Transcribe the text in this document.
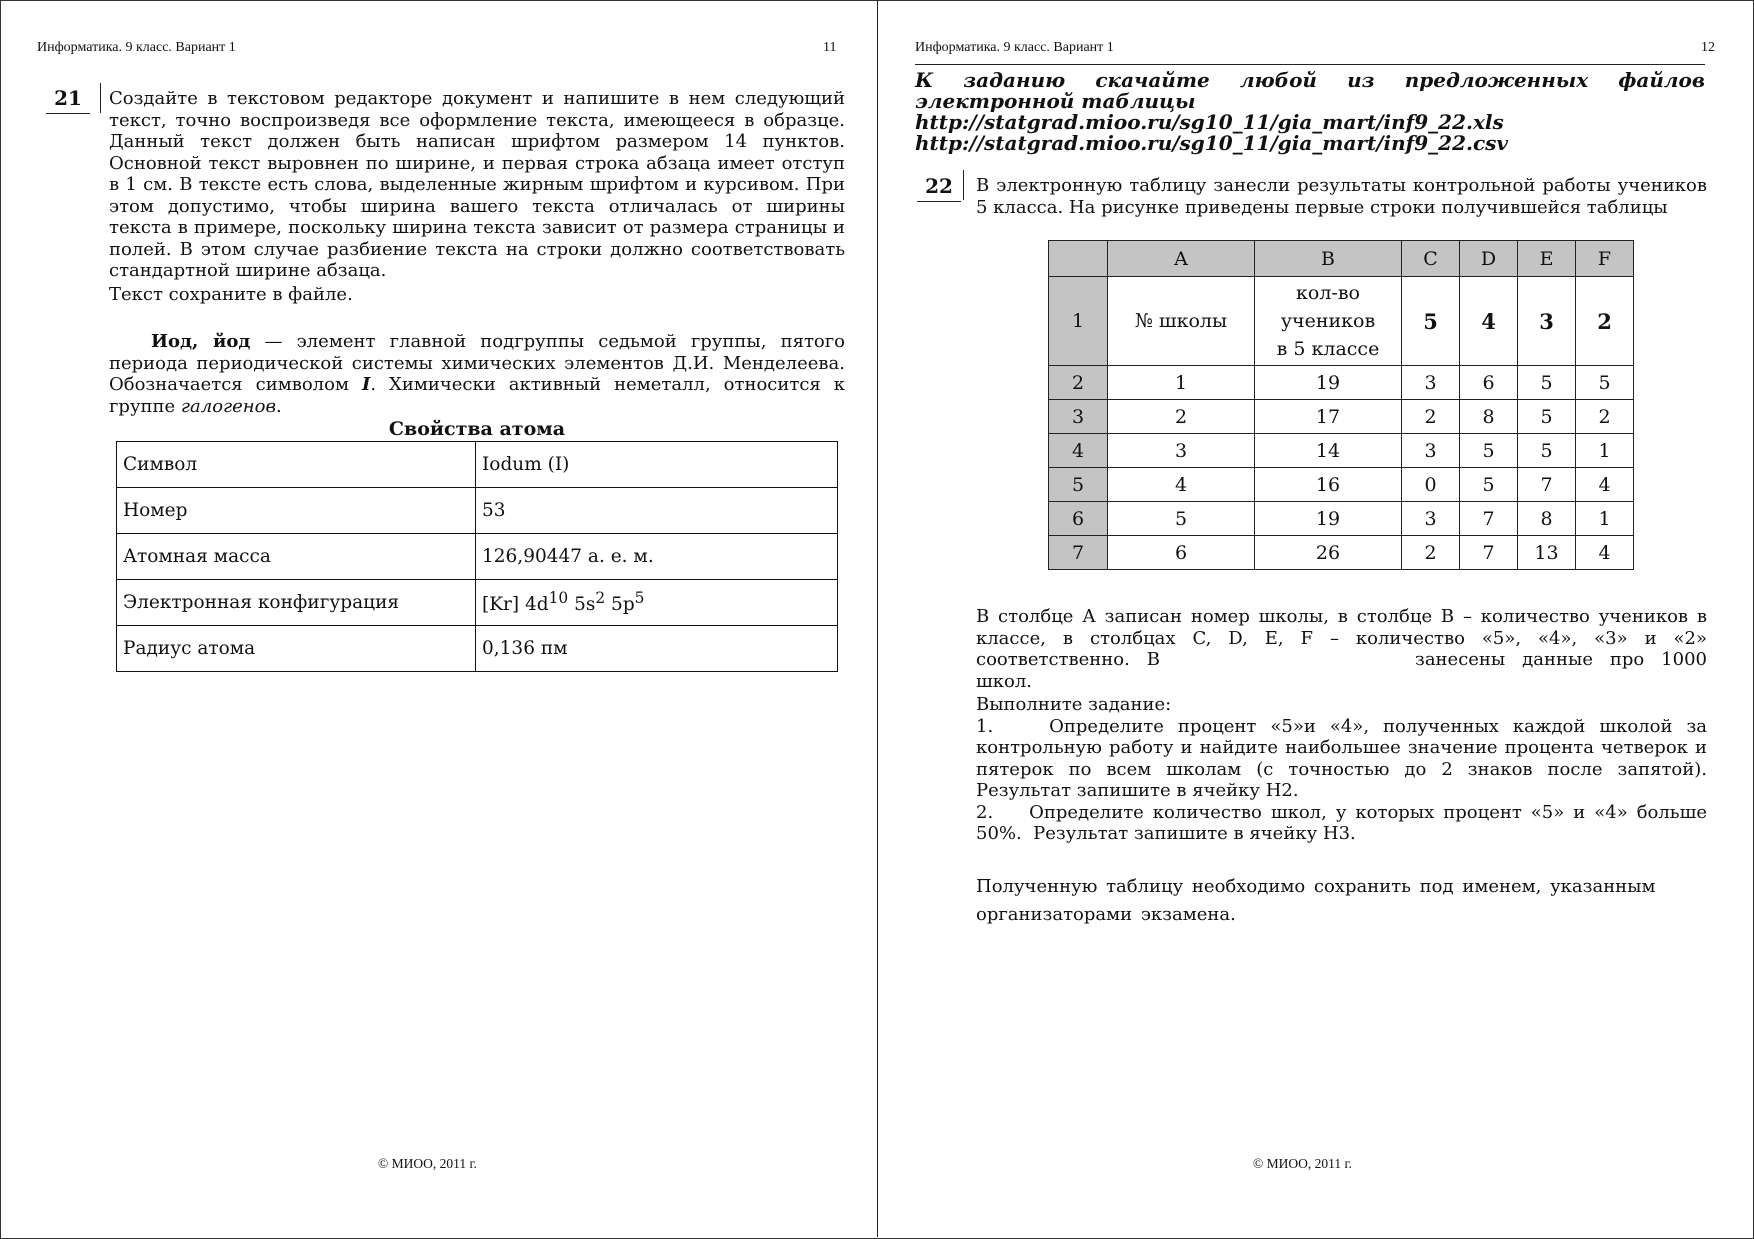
Информатика. 9 класс. Вариант 1	11
21 Создайте в текстовом редакторе документ и напишите в нем следующий текст, точно воспроизведя все оформление текста, имеющееся в образце. Данный текст должен быть написан шрифтом размером 14 пунктов. Основной текст выровнен по ширине, и первая строка абзаца имеет отступ в 1 см. В тексте есть слова, выделенные жирным шрифтом и курсивом. При этом допустимо, чтобы ширина вашего текста отличалась от ширины текста в примере, поскольку ширина текста зависит от размера страницы и полей. В этом случае разбиение текста на строки должно соответствовать стандартной ширине абзаца.

Текст сохраните в файле.

Иод, йод — элемент главной подгруппы седьмой группы, пятого периода периодической системы химических элементов Д.И. Менделеева. Обозначается символом I. Химически активный неметалл, относится к группе галогенов.

Свойства атома
Символ	Iodum (I)
Номер	53
Атомная масса	126,90447 а. е. м.
Электронная конфигурация	[Kr] $4d^{10}$ $5s^2$ $5p^5$
Радиус атома	0,136 пм
© МИОО, 2011 г.
Информатика. 9 класс. Вариант 1	12
К заданию скачайте любой из предложенных файлов
электронной таблицы
http://statgrad.mioo.ru/sg10_11/gia_mart/inf9_22.xls
http://statgrad.mioo.ru/sg10_11/gia_mart/inf9_22.csv
22 В электронную таблицу занесли результаты контрольной работы учеников 5 класса. На рисунке приведены первые строки получившейся таблицы

	A	B	C	D	E	F
1	№ школы	кол-во
учеников
в 5 классе	5	4	3	2
2	1	19	3	6	5	5
3	2	17	2	8	5	2
4	3	14	3	5	5	1
5	4	16	0	5	7	4
6	5	19	3	7	8	1
7	6	26	2	7	13	4

В столбце А записан номер школы, в столбце В – количество учеников в классе, в столбцах C, D, E, F – количество «5», «4», «3» и «2» соответственно. В	занесены данные про 1000 школ.

Выполните задание:

1.    Определите процент «5»и «4», полученных каждой школой за контрольную работу и найдите наибольшее значение процента четверок и пятерок по всем школам (с точностью до 2 знаков после запятой). Результат запишите в ячейку H2.

2.    Определите количество школ, у которых процент «5» и «4» больше 50%.  Результат запишите в ячейку H3.

Полученную таблицу необходимо сохранить под именем, указанным организаторами экзамена.

© МИОО, 2011 г.
